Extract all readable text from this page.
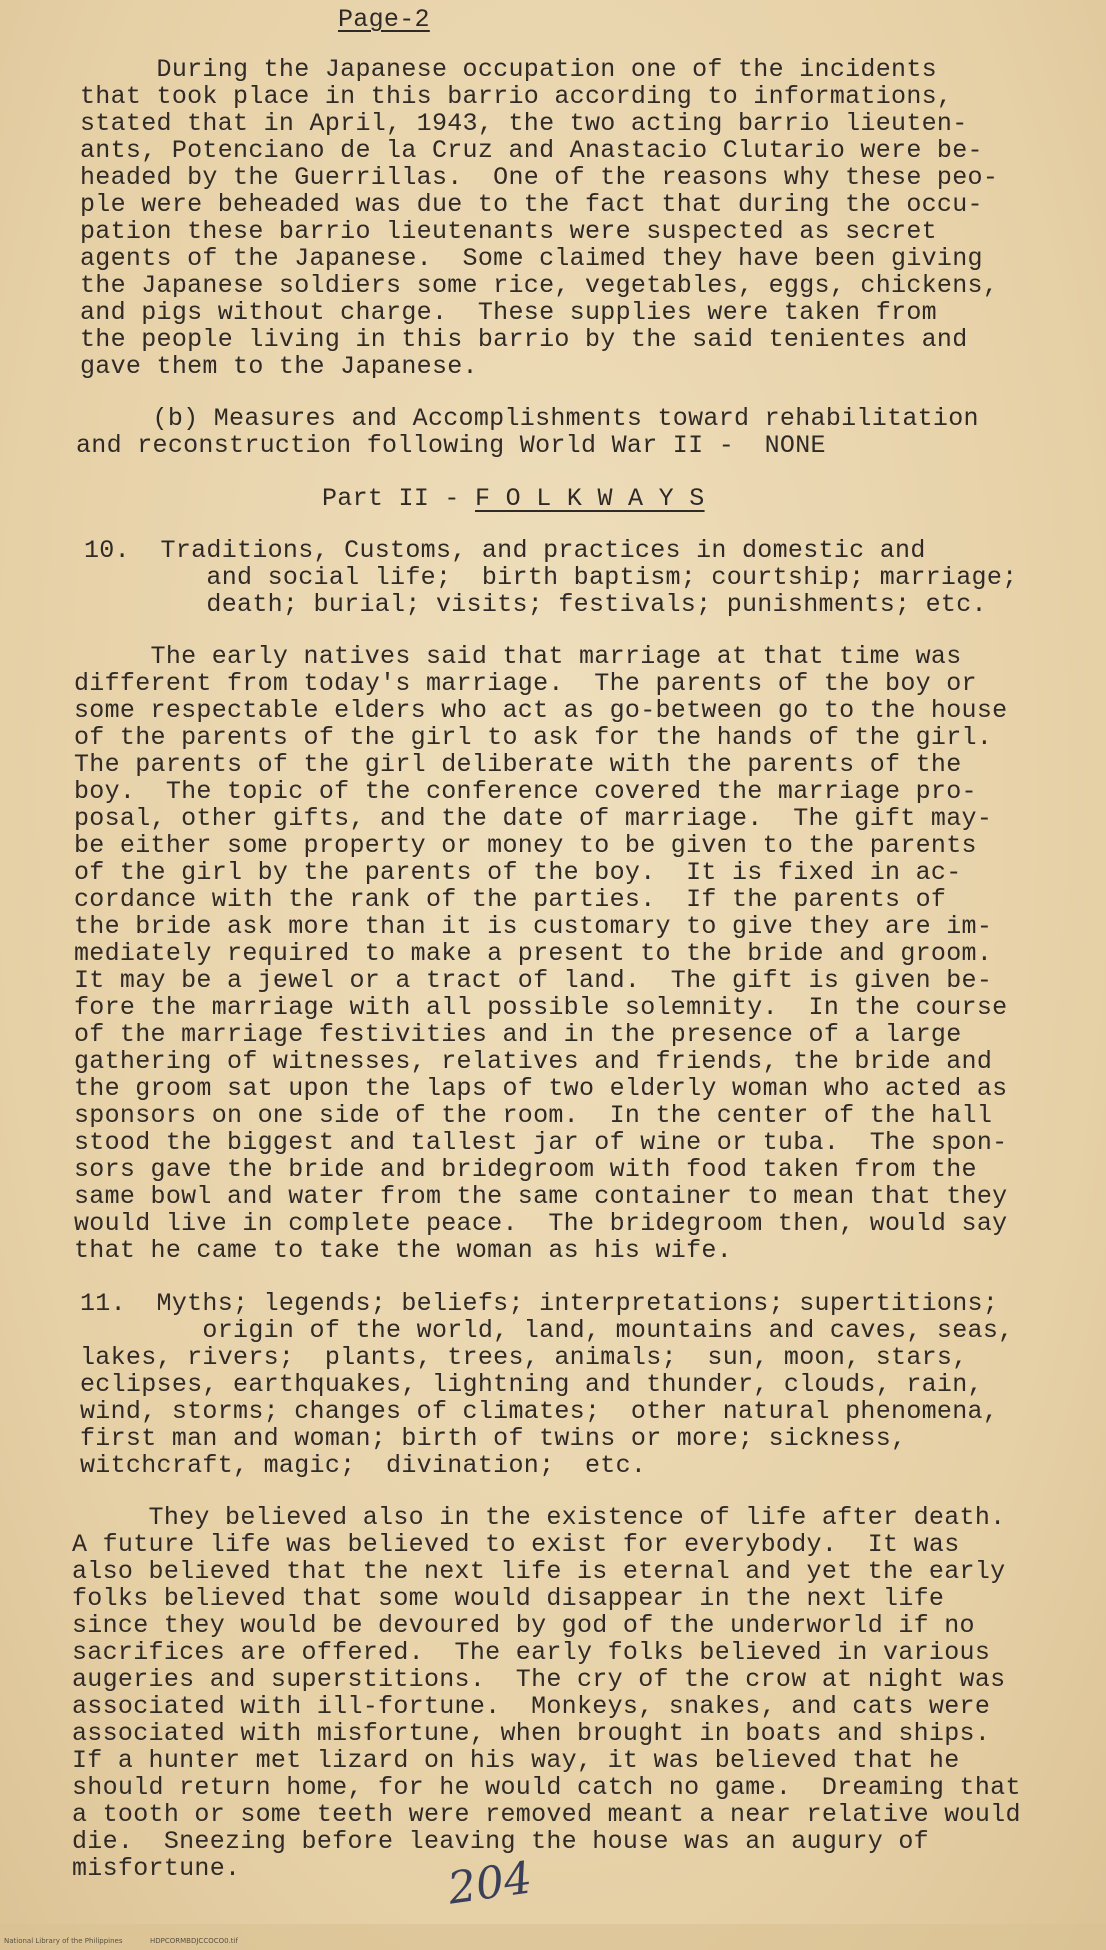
Page-2
During the Japanese occupation one of the incidents
that took place in this barrio according to informations,
stated that in April, 1943, the two acting barrio lieuten-
ants, Potenciano de la Cruz and Anastacio Clutario were be-
headed by the Guerrillas.  One of the reasons why these peo-
ple were beheaded was due to the fact that during the occu-
pation these barrio lieutenants were suspected as secret
agents of the Japanese.  Some claimed they have been giving
the Japanese soldiers some rice, vegetables, eggs, chickens,
and pigs without charge.  These supplies were taken from
the people living in this barrio by the said tenientes and
gave them to the Japanese.
(b) Measures and Accomplishments toward rehabilitation
and reconstruction following World War II -  NONE
Part II - F O L K W A Y S
10.  Traditions, Customs, and practices in domestic and
and social life;  birth baptism; courtship; marriage;
death; burial; visits; festivals; punishments; etc.
The early natives said that marriage at that time was
different from today's marriage.  The parents of the boy or
some respectable elders who act as go-between go to the house
of the parents of the girl to ask for the hands of the girl.
The parents of the girl deliberate with the parents of the
boy.  The topic of the conference covered the marriage pro-
posal, other gifts, and the date of marriage.  The gift may-
be either some property or money to be given to the parents
of the girl by the parents of the boy.  It is fixed in ac-
cordance with the rank of the parties.  If the parents of
the bride ask more than it is customary to give they are im-
mediately required to make a present to the bride and groom.
It may be a jewel or a tract of land.  The gift is given be-
fore the marriage with all possible solemnity.  In the course
of the marriage festivities and in the presence of a large
gathering of witnesses, relatives and friends, the bride and
the groom sat upon the laps of two elderly woman who acted as
sponsors on one side of the room.  In the center of the hall
stood the biggest and tallest jar of wine or tuba.  The spon-
sors gave the bride and bridegroom with food taken from the
same bowl and water from the same container to mean that they
would live in complete peace.  The bridegroom then, would say
that he came to take the woman as his wife.
11.  Myths; legends; beliefs; interpretations; supertitions;
origin of the world, land, mountains and caves, seas,
lakes, rivers;  plants, trees, animals;  sun, moon, stars,
eclipses, earthquakes, lightning and thunder, clouds, rain,
wind, storms; changes of climates;  other natural phenomena,
first man and woman; birth of twins or more; sickness,
witchcraft, magic;  divination;  etc.
They believed also in the existence of life after death.
A future life was believed to exist for everybody.  It was
also believed that the next life is eternal and yet the early
folks believed that some would disappear in the next life
since they would be devoured by god of the underworld if no
sacrifices are offered.  The early folks believed in various
augeries and superstitions.  The cry of the crow at night was
associated with ill-fortune.  Monkeys, snakes, and cats were
associated with misfortune, when brought in boats and ships.
If a hunter met lizard on his way, it was believed that he
should return home, for he would catch no game.  Dreaming that
a tooth or some teeth were removed meant a near relative would
die.  Sneezing before leaving the house was an augury of
misfortune.	204
National Library of the Philippines	HDPCORMBDJCCOCO0.tif
